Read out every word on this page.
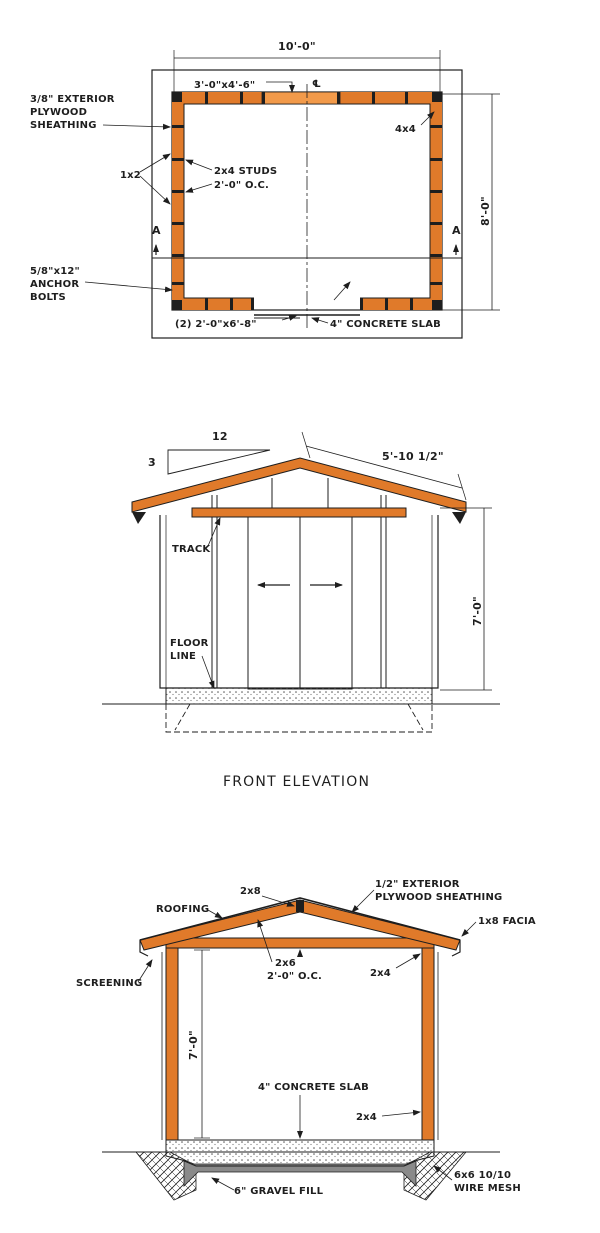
10'-0"
8'-0"
3'-0"x4'-6"	℄
3/8" EXTERIOR
PLYWOOD
SHEATHING
1x2	2x4 STUDS
2'-0" O.C.
4x4
A	A
5/8"x12"
ANCHOR
BOLTS
(2) 2'-0"x6'-8"	4" CONCRETE SLAB
3
12
5'-10 1/2"
7'-0"
TRACK
FLOOR
LINE
FRONT ELEVATION
7'-0"
ROOFING
2x8
1/2" EXTERIOR
PLYWOOD SHEATHING
1x8 FACIA
SCREENING
2x6
2'-0" O.C.	2x4
4" CONCRETE SLAB
2x4
6" GRAVEL FILL
6x6 10/10
WIRE MESH
